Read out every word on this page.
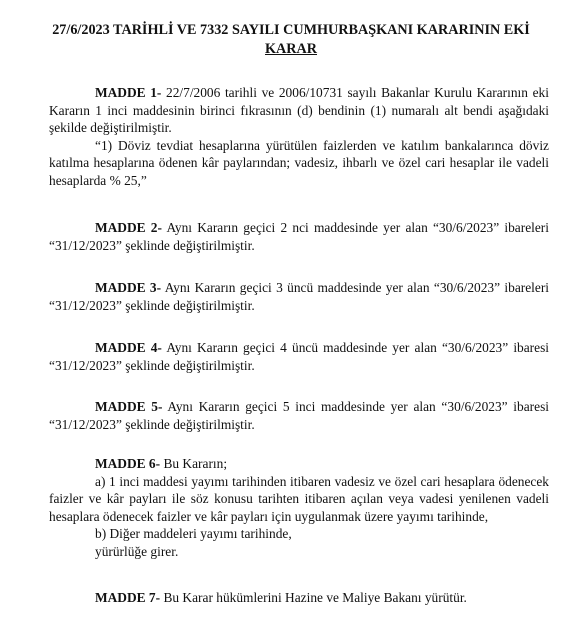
27/6/2023 TARİHLİ VE 7332 SAYILI CUMHURBAŞKANI KARARININ EKİ
KARAR
MADDE 1- 22/7/2006 tarihli ve 2006/10731 sayılı Bakanlar Kurulu Kararının eki
Kararın 1 inci maddesinin birinci fıkrasının (d) bendinin (1) numaralı alt bendi aşağıdaki
şekilde değiştirilmiştir.
“1) Döviz tevdiat hesaplarına yürütülen faizlerden ve katılım bankalarınca döviz
katılma hesaplarına ödenen kâr paylarından; vadesiz, ihbarlı ve özel cari hesaplar ile vadeli
hesaplarda % 25,”
MADDE 2- Aynı Kararın geçici 2 nci maddesinde yer alan “30/6/2023” ibareleri
“31/12/2023” şeklinde değiştirilmiştir.
MADDE 3- Aynı Kararın geçici 3 üncü maddesinde yer alan “30/6/2023” ibareleri
“31/12/2023” şeklinde değiştirilmiştir.
MADDE 4- Aynı Kararın geçici 4 üncü maddesinde yer alan “30/6/2023” ibaresi
“31/12/2023” şeklinde değiştirilmiştir.
MADDE 5- Aynı Kararın geçici 5 inci maddesinde yer alan “30/6/2023” ibaresi
“31/12/2023” şeklinde değiştirilmiştir.
MADDE 6- Bu Kararın;
a) 1 inci maddesi yayımı tarihinden itibaren vadesiz ve özel cari hesaplara ödenecek
faizler ve kâr payları ile söz konusu tarihten itibaren açılan veya vadesi yenilenen vadeli
hesaplara ödenecek faizler ve kâr payları için uygulanmak üzere yayımı tarihinde,
b) Diğer maddeleri yayımı tarihinde,
yürürlüğe girer.
MADDE 7- Bu Karar hükümlerini Hazine ve Maliye Bakanı yürütür.
